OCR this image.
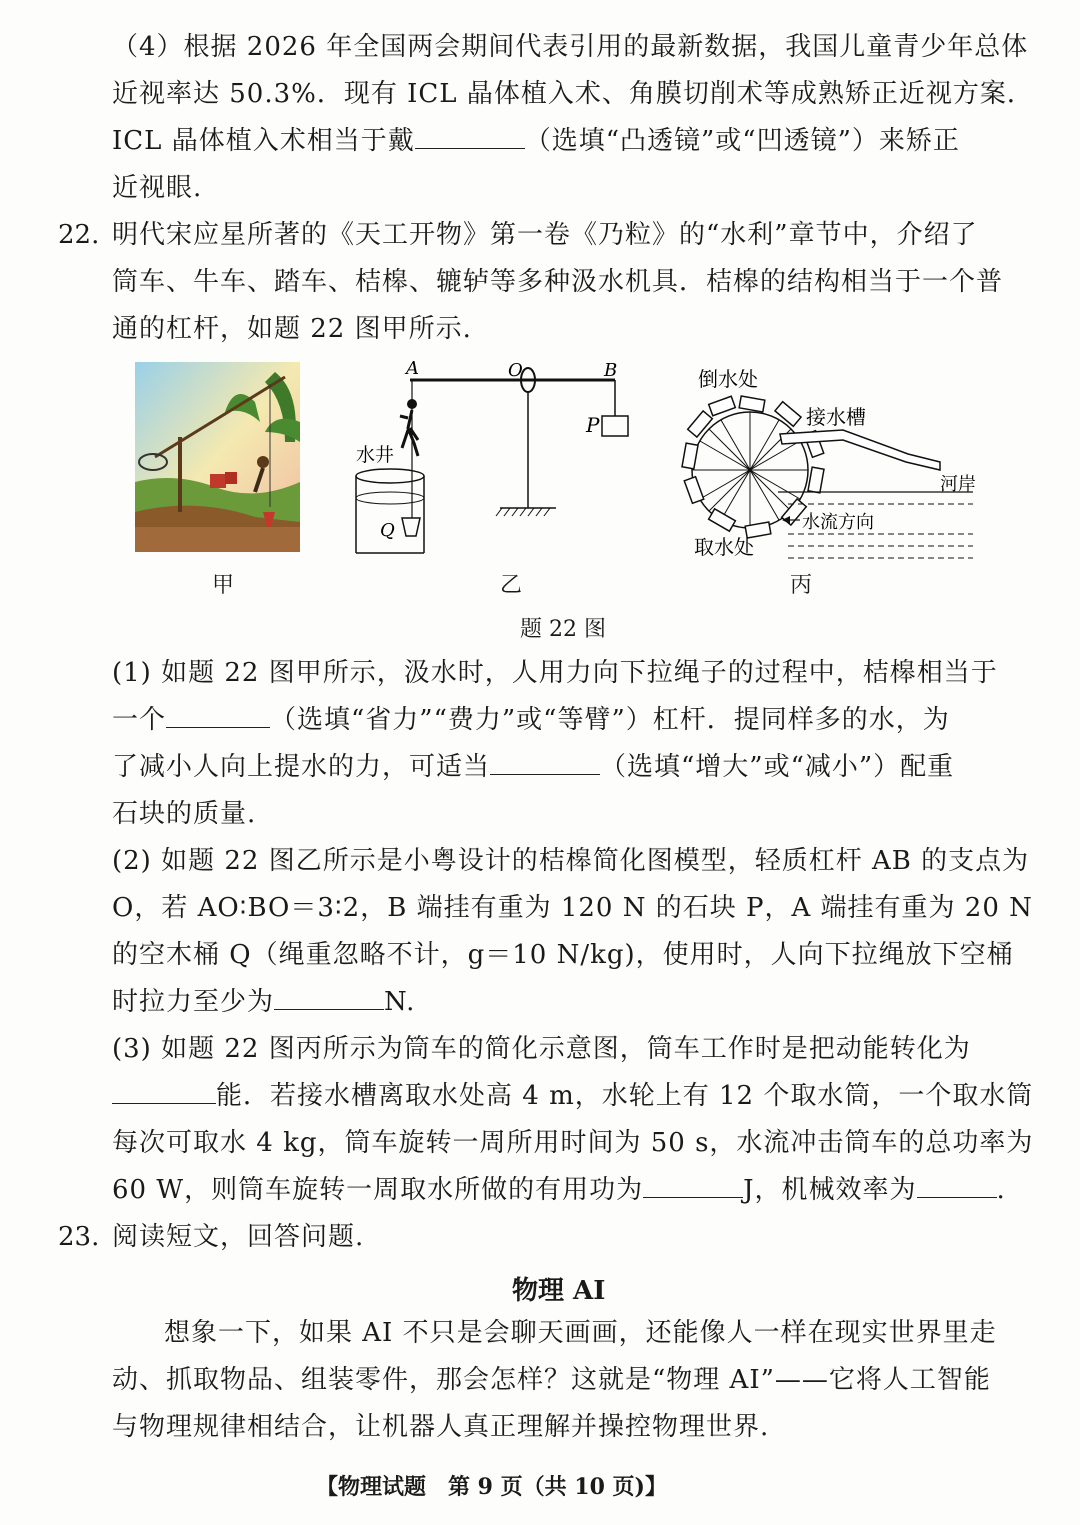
（4）根据 2026 年全国两会期间代表引用的最新数据，我国儿童青少年总体
近视率达 50.3%．现有 ICL 晶体植入术、角膜切削术等成熟矫正近视方案．
ICL 晶体植入术相当于戴	（选填“凸透镜”或“凹透镜”）来矫正
近视眼.
22. 明代宋应星所著的《天工开物》第一卷《乃粒》的“水利”章节中，介绍了
筒车、牛车、踏车、桔槔、辘轳等多种汲水机具．桔槔的结构相当于一个普
通的杠杆，如题 22 图甲所示.
甲
P
Q
A	O	B
水井
乙
倒水处
接水槽
河岸
水流方向
取水处
丙
题 22 图
(1) 如题 22 图甲所示，汲水时，人用力向下拉绳子的过程中，桔槔相当于
一个	（选填“省力”“费力”或“等臂”）杠杆．提同样多的水，为
了减小人向上提水的力，可适当	（选填“增大”或“减小”）配重
石块的质量.
(2) 如题 22 图乙所示是小粤设计的桔槔简化图模型，轻质杠杆 AB 的支点为
O，若 AO∶BO＝3∶2，B 端挂有重为 120 N 的石块 P，A 端挂有重为 20 N
的空木桶 Q（绳重忽略不计，g＝10 N/kg)，使用时，人向下拉绳放下空桶
时拉力至少为	N.
(3) 如题 22 图丙所示为筒车的简化示意图，筒车工作时是把动能转化为
能．若接水槽离取水处高 4 m，水轮上有 12 个取水筒，一个取水筒
每次可取水 4 kg，筒车旋转一周所用时间为 50 s，水流冲击筒车的总功率为
60 W，则筒车旋转一周取水所做的有用功为	J，机械效率为	.
23. 阅读短文，回答问题.
物理 AI
想象一下，如果 AI 不只是会聊天画画，还能像人一样在现实世界里走
动、抓取物品、组装零件，那会怎样？这就是“物理 AI”——它将人工智能
与物理规律相结合，让机器人真正理解并操控物理世界.
【物理试题　第 9 页（共 10 页)】
